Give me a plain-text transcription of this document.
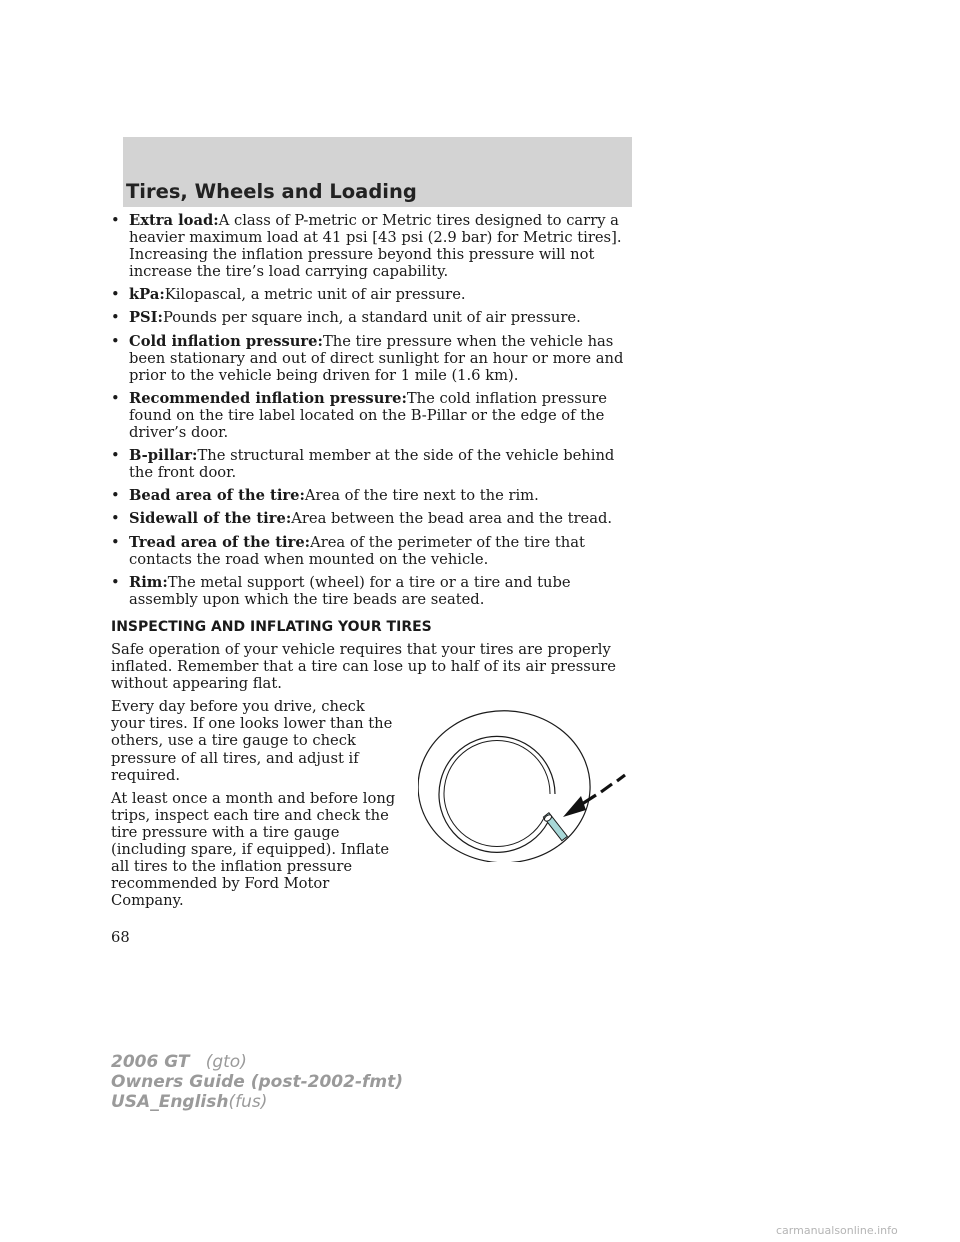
Tires, Wheels and Loading
• Extra load:A class of P-metric or Metric tires designed to carry a heavier maximum load at 41 psi [43 psi (2.9 bar) for Metric tires]. Increasing the inflation pressure beyond this pressure will not increase the tire’s load carrying capability.
• kPa:Kilopascal, a metric unit of air pressure.
• PSI:Pounds per square inch, a standard unit of air pressure.
• Cold inflation pressure:The tire pressure when the vehicle has been stationary and out of direct sunlight for an hour or more and prior to the vehicle being driven for 1 mile (1.6 km).
• Recommended inflation pressure:The cold inflation pressure found on the tire label located on the B-Pillar or the edge of the driver’s door.
• B-pillar:The structural member at the side of the vehicle behind the front door.
• Bead area of the tire:Area of the tire next to the rim.
• Sidewall of the tire:Area between the bead area and the tread.
• Tread area of the tire:Area of the perimeter of the tire that contacts the road when mounted on the vehicle.
• Rim:The metal support (wheel) for a tire or a tire and tube assembly upon which the tire beads are seated.
INSPECTING AND INFLATING YOUR TIRES

Safe operation of your vehicle requires that your tires are properly inflated. Remember that a tire can lose up to half of its air pressure without appearing flat.

Every day before you drive, check your tires. If one looks lower than the others, use a tire gauge to check pressure of all tires, and adjust if required.

At least once a month and before long trips, inspect each tire and check the tire pressure with a tire gauge (including spare, if equipped). Inflate all tires to the inflation pressure recommended by Ford Motor Company.

68
2006 GT (gto)
Owners Guide (post-2002-fmt)
USA_English(fus)
carmanualsonline.info
